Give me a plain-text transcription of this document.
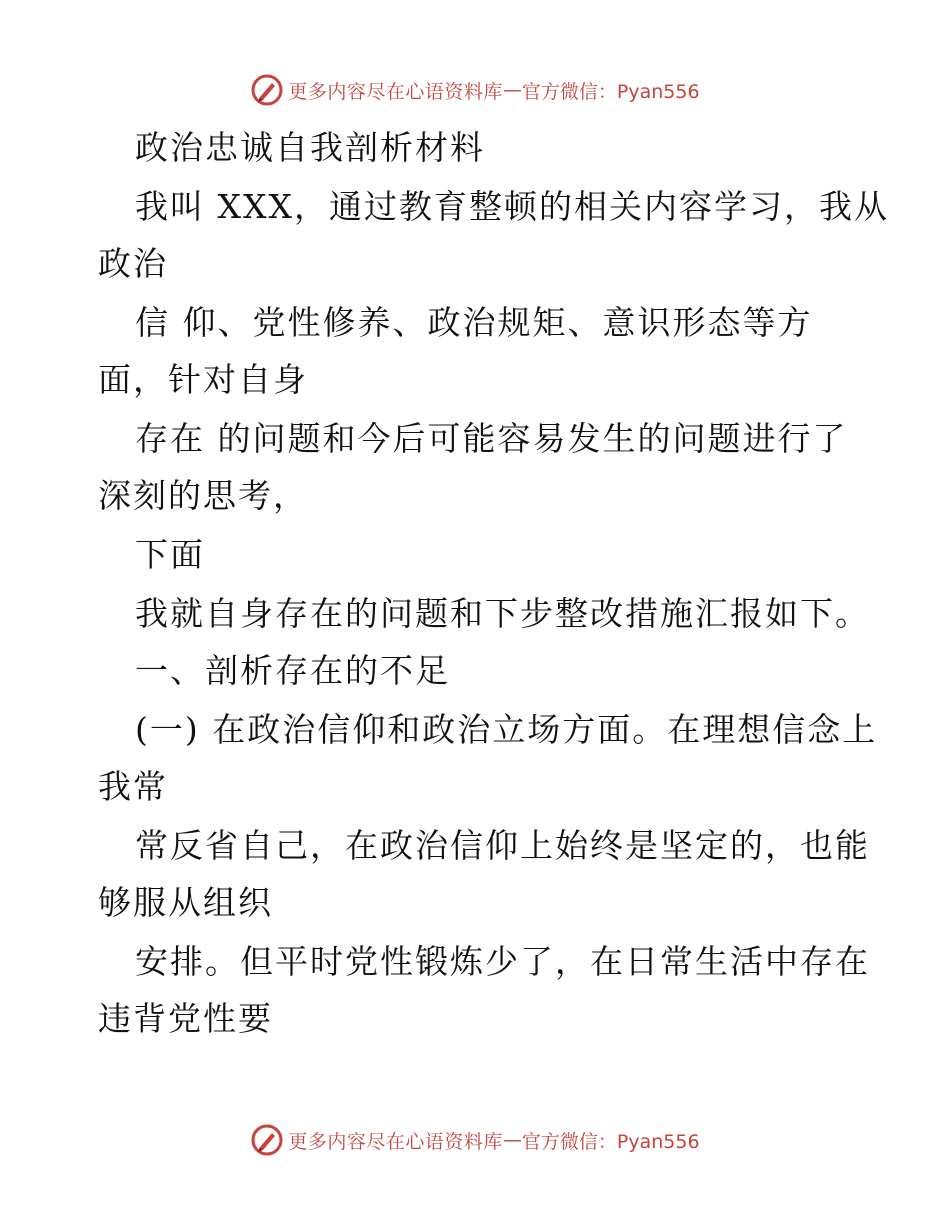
更多内容尽在心语资料库 — 官方微信：Pyan556
政治忠诚自我剖析材料
我叫 XXX，通过教育整顿的相关内容学习，我从
政治
信 仰、党性修养、政治规矩、意识形态等方
面，针对自身
存在 的问题和今后可能容易发生的问题进行了
深刻的思考，
下面
我就自身存在的问题和下步整改措施汇报如下。
一、剖析存在的不足
(一) 在政治信仰和政治立场方面。在理想信念上
我常
常反省自己，在政治信仰上始终是坚定的，也能
够服从组织
安排。但平时党性锻炼少了，在日常生活中存在
违背党性要
更多内容尽在心语资料库 — 官方微信：Pyan556
